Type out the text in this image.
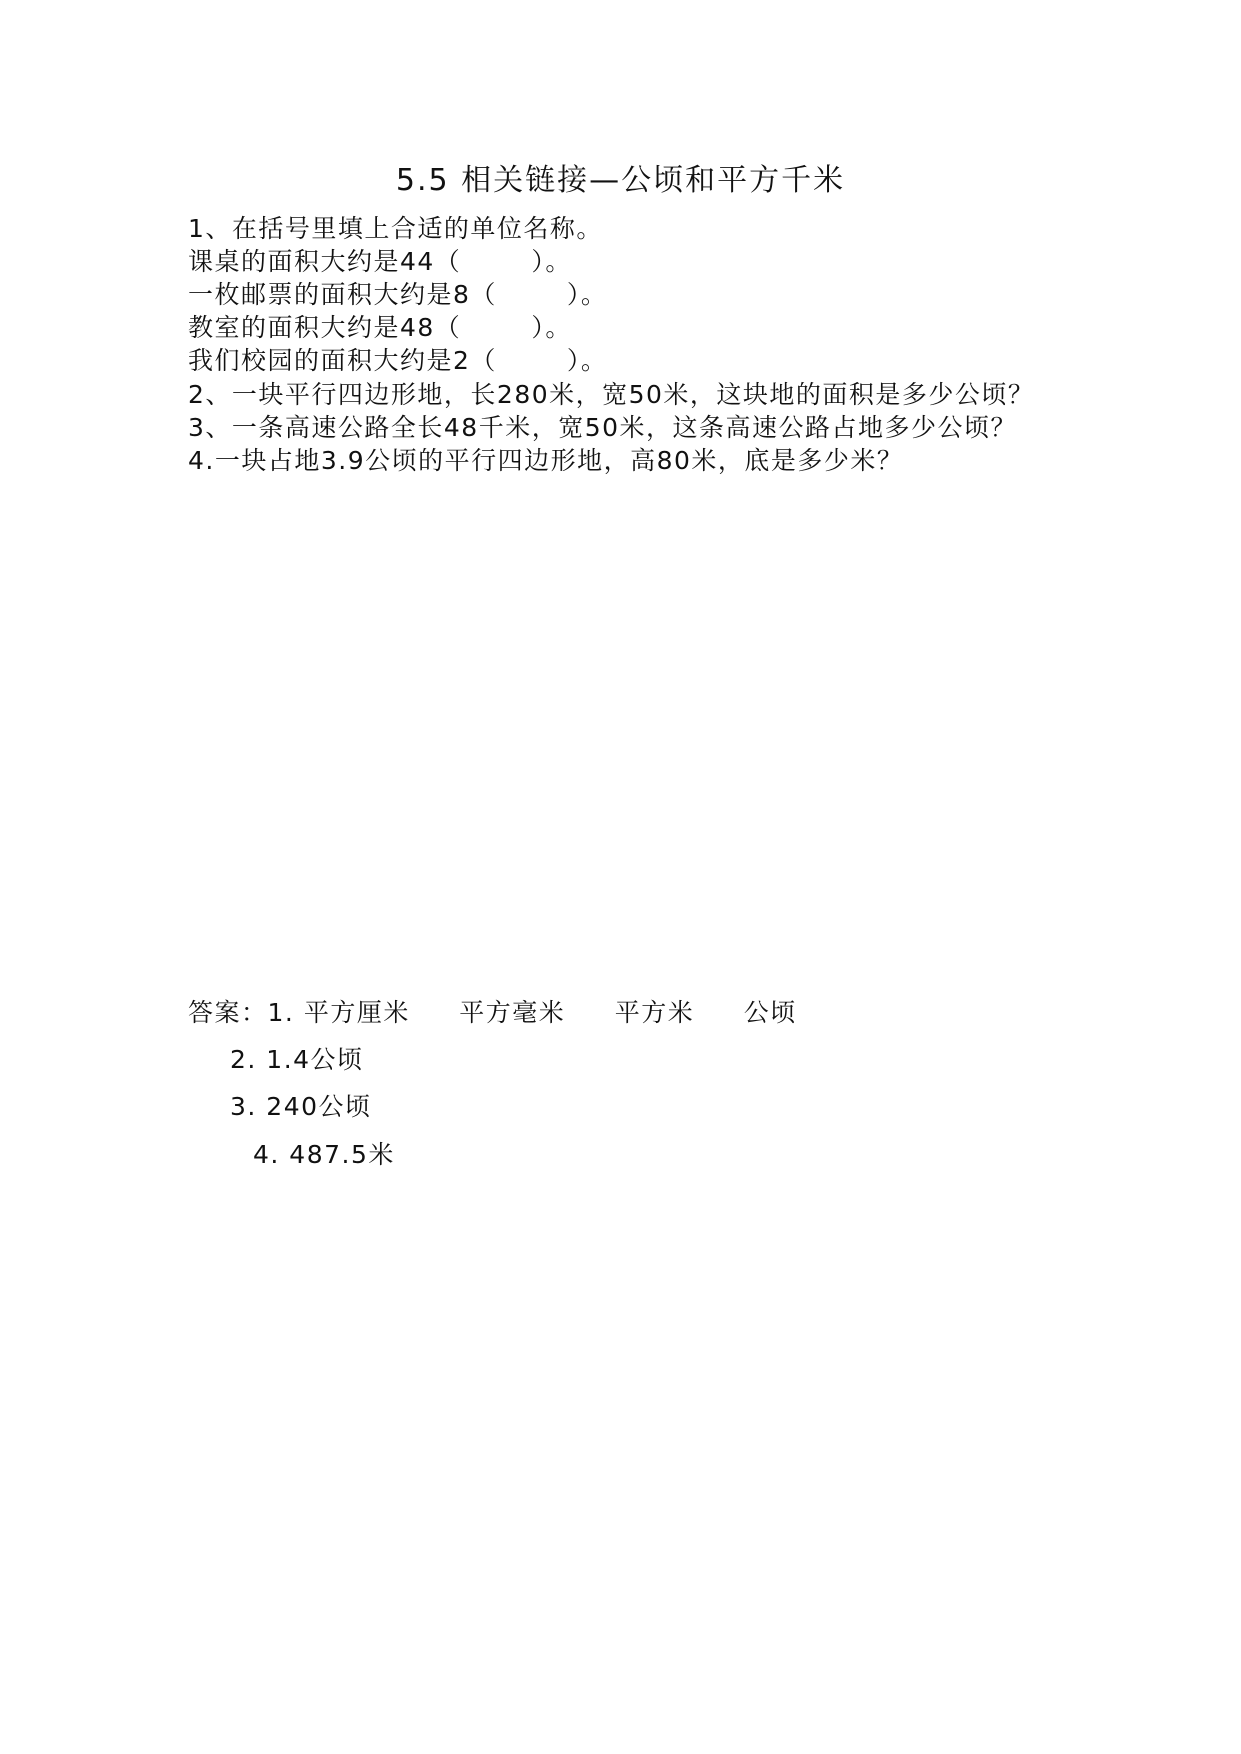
5.5 相关链接—公顷和平方千米
1、在括号里填上合适的单位名称。
课桌的面积大约是44（	）。
一枚邮票的面积大约是8（	）。
教室的面积大约是48（	）。
我们校园的面积大约是2（	）。
2、一块平行四边形地，长280米，宽50米，这块地的面积是多少公顷？
3、一条高速公路全长48千米，宽50米，这条高速公路占地多少公顷？
4.一块占地3.9公顷的平行四边形地，高80米，底是多少米？
答案：1. 平方厘米 平方毫米 平方米 公顷
2. 1.4公顷
3. 240公顷
4. 487.5米
